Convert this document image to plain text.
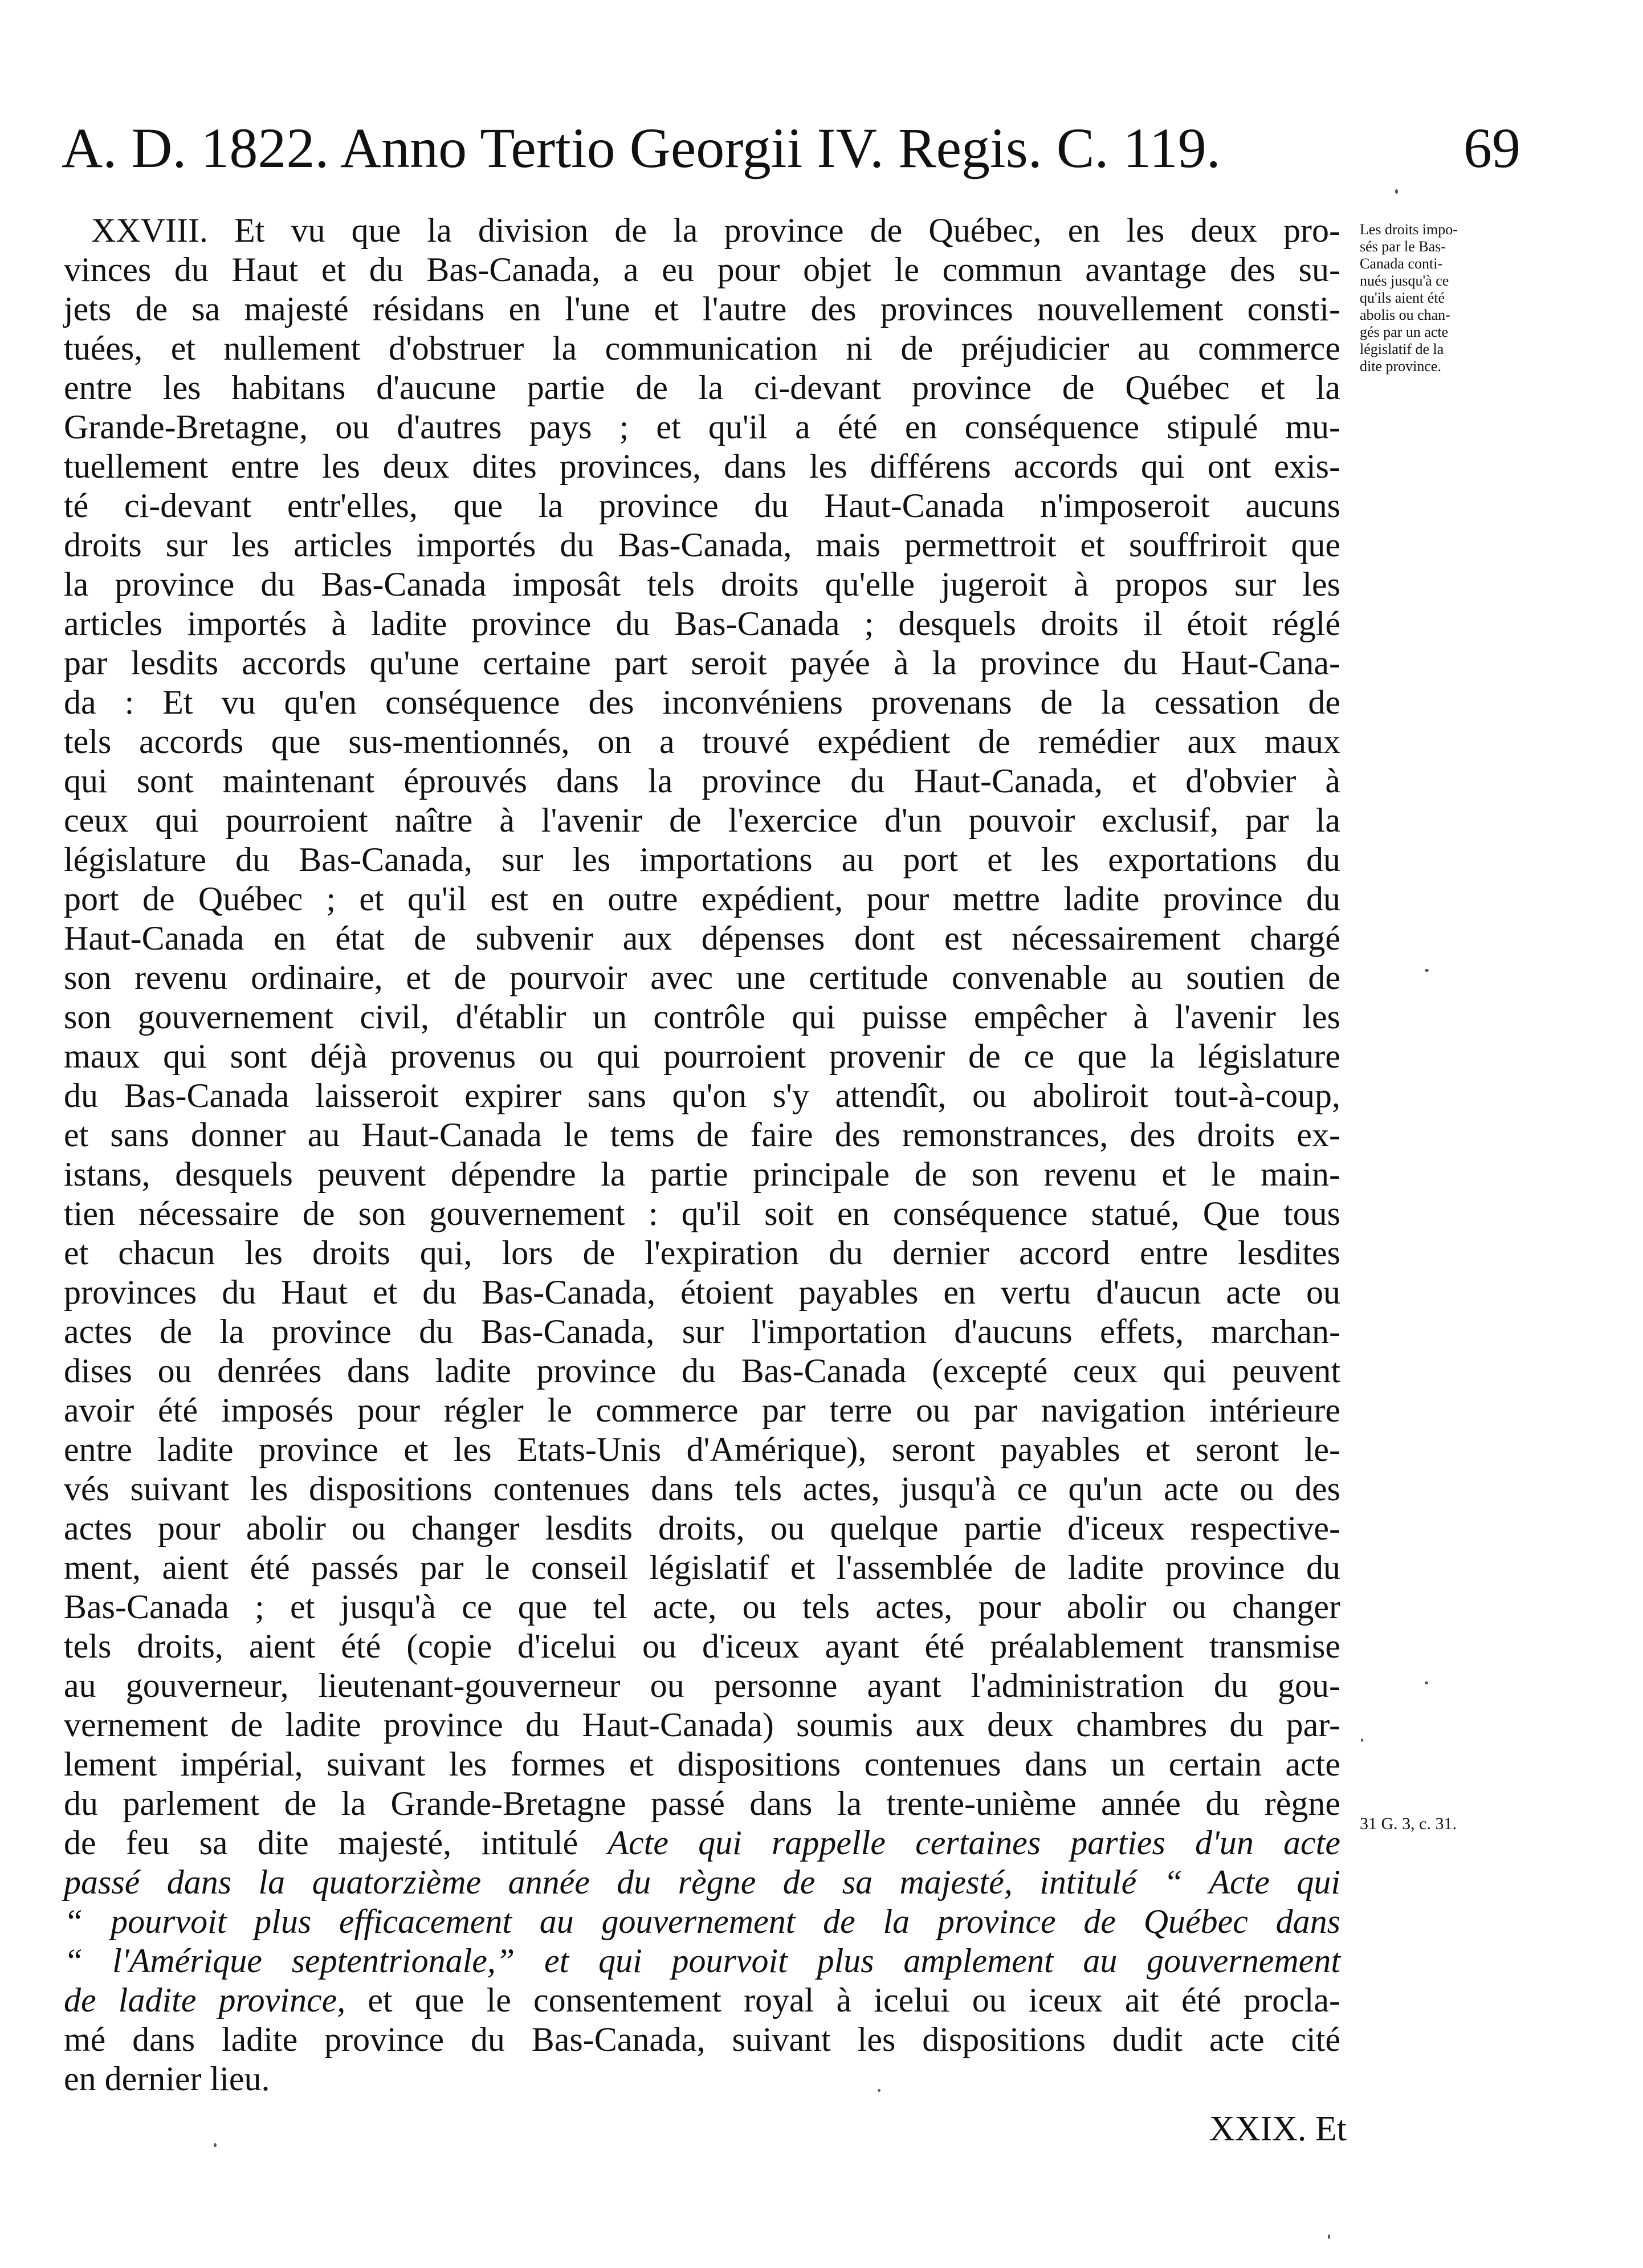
A. D. 1822. Anno Tertio Georgii IV. Regis. C. 119.	69
XXVIII. Et vu que la division de la province de Québec, en les deux pro-
vinces du Haut et du Bas-Canada, a eu pour objet le commun avantage des su-
jets de sa majesté résidans en l'une et l'autre des provinces nouvellement consti-
tuées, et nullement d'obstruer la communication ni de préjudicier au commerce
entre les habitans d'aucune partie de la ci-devant province de Québec et la
Grande-Bretagne, ou d'autres pays ; et qu'il a été en conséquence stipulé mu-
tuellement entre les deux dites provinces, dans les différens accords qui ont exis-
té ci-devant entr'elles, que la province du Haut-Canada n'imposeroit aucuns
droits sur les articles importés du Bas-Canada, mais permettroit et souffriroit que
la province du Bas-Canada imposât tels droits qu'elle jugeroit à propos sur les
articles importés à ladite province du Bas-Canada ; desquels droits il étoit réglé
par lesdits accords qu'une certaine part seroit payée à la province du Haut-Cana-
da : Et vu qu'en conséquence des inconvéniens provenans de la cessation de
tels accords que sus-mentionnés, on a trouvé expédient de remédier aux maux
qui sont maintenant éprouvés dans la province du Haut-Canada, et d'obvier à
ceux qui pourroient naître à l'avenir de l'exercice d'un pouvoir exclusif, par la
législature du Bas-Canada, sur les importations au port et les exportations du
port de Québec ; et qu'il est en outre expédient, pour mettre ladite province du
Haut-Canada en état de subvenir aux dépenses dont est nécessairement chargé
son revenu ordinaire, et de pourvoir avec une certitude convenable au soutien de
son gouvernement civil, d'établir un contrôle qui puisse empêcher à l'avenir les
maux qui sont déjà provenus ou qui pourroient provenir de ce que la législature
du Bas-Canada laisseroit expirer sans qu'on s'y attendît, ou aboliroit tout-à-coup,
et sans donner au Haut-Canada le tems de faire des remonstrances, des droits ex-
istans, desquels peuvent dépendre la partie principale de son revenu et le main-
tien nécessaire de son gouvernement : qu'il soit en conséquence statué, Que tous
et chacun les droits qui, lors de l'expiration du dernier accord entre lesdites
provinces du Haut et du Bas-Canada, étoient payables en vertu d'aucun acte ou
actes de la province du Bas-Canada, sur l'importation d'aucuns effets, marchan-
dises ou denrées dans ladite province du Bas-Canada (excepté ceux qui peuvent
avoir été imposés pour régler le commerce par terre ou par navigation intérieure
entre ladite province et les Etats-Unis d'Amérique), seront payables et seront le-
vés suivant les dispositions contenues dans tels actes, jusqu'à ce qu'un acte ou des
actes pour abolir ou changer lesdits droits, ou quelque partie d'iceux respective-
ment, aient été passés par le conseil législatif et l'assemblée de ladite province du
Bas-Canada ; et jusqu'à ce que tel acte, ou tels actes, pour abolir ou changer
tels droits, aient été (copie d'icelui ou d'iceux ayant été préalablement transmise
au gouverneur, lieutenant-gouverneur ou personne ayant l'administration du gou-
vernement de ladite province du Haut-Canada) soumis aux deux chambres du par-
lement impérial, suivant les formes et dispositions contenues dans un certain acte
du parlement de la Grande-Bretagne passé dans la trente-unième année du règne
de feu sa dite majesté, intitulé Acte qui rappelle certaines parties d'un acte
passé dans la quatorzième année du règne de sa majesté, intitulé “ Acte qui
“ pourvoit plus efficacement au gouvernement de la province de Québec dans
“ l'Amérique septentrionale,” et qui pourvoit plus amplement au gouvernement
de ladite province, et que le consentement royal à icelui ou iceux ait été procla-
mé dans ladite province du Bas-Canada, suivant les dispositions dudit acte cité
en dernier lieu.
XXIX. Et
Les droits impo-
sés par le Bas-
Canada conti-
nués jusqu'à ce
qu'ils aient été
abolis ou chan-
gés par un acte
législatif de la
dite province.
31 G. 3, c. 31.
